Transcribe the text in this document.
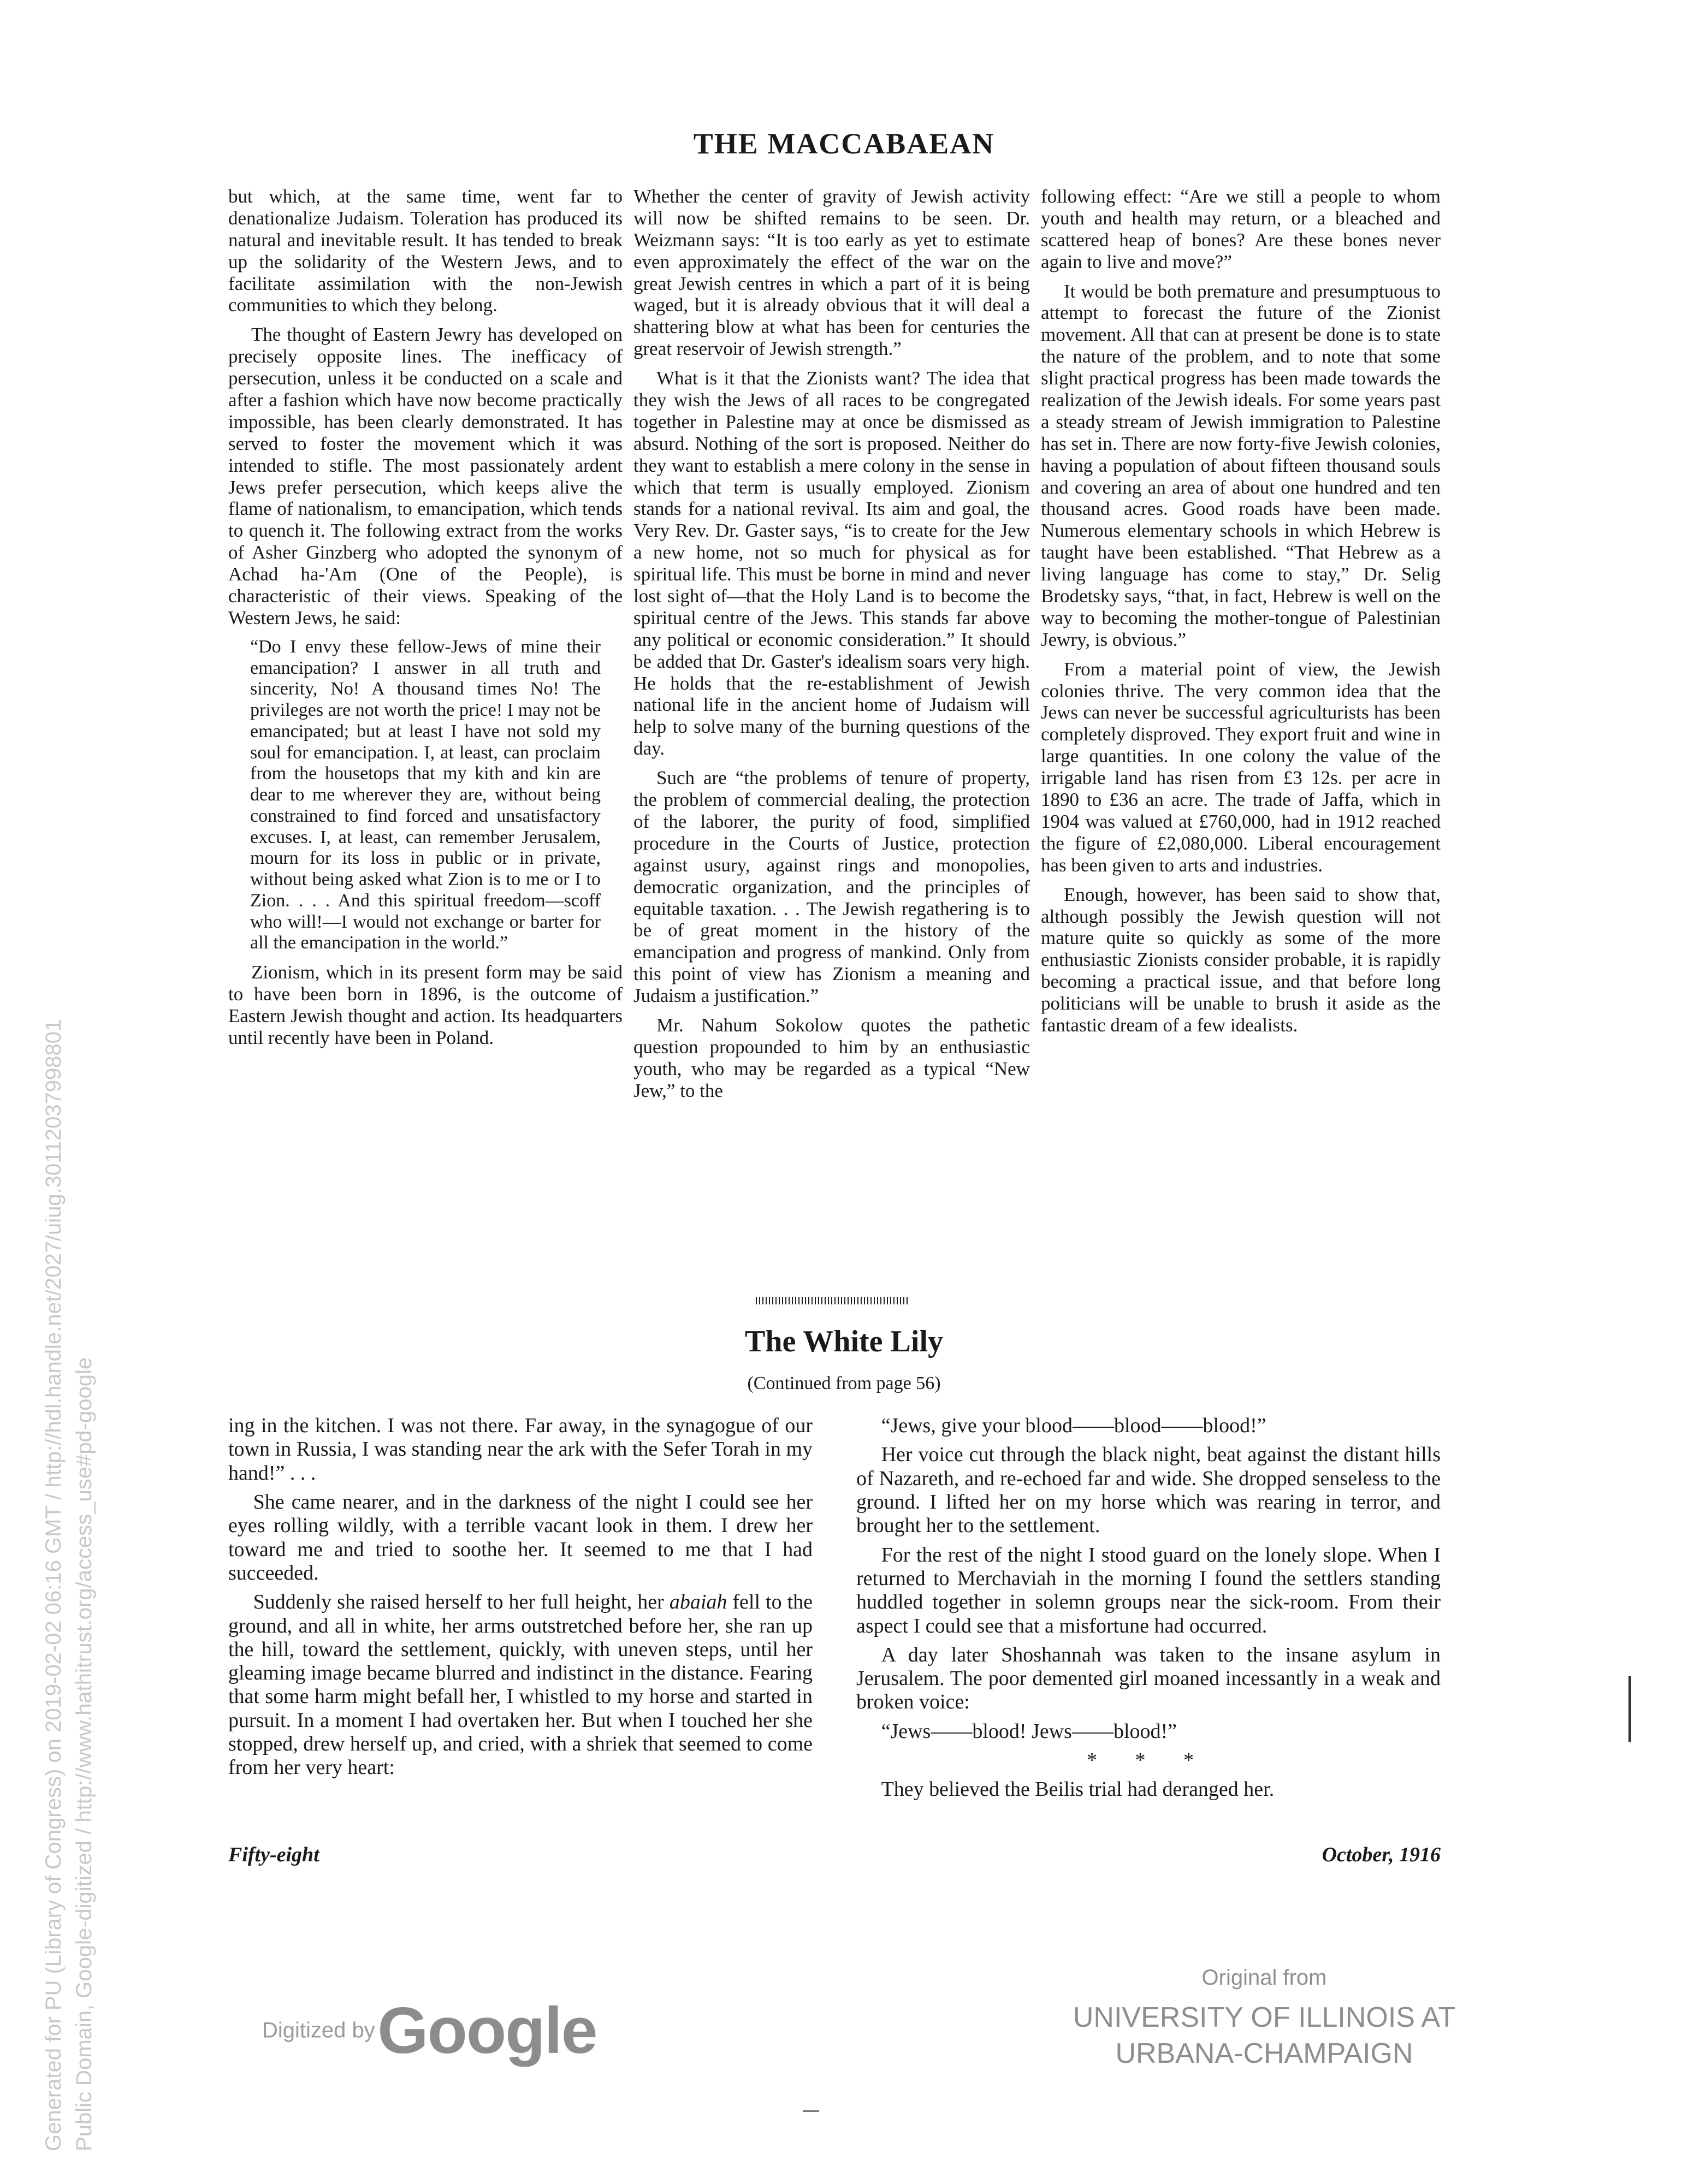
THE MACCABAEAN

but which, at the same time, went far to denationalize Judaism. Toleration has produced its natural and inevitable result. It has tended to break up the solidarity of the Western Jews, and to facilitate assimilation with the non-Jewish communities to which they belong.

The thought of Eastern Jewry has developed on precisely opposite lines. The inefficacy of persecution, unless it be conducted on a scale and after a fashion which have now become practically impossible, has been clearly demonstrated. It has served to foster the movement which it was intended to stifle. The most passionately ardent Jews prefer persecution, which keeps alive the flame of nationalism, to emancipation, which tends to quench it. The following extract from the works of Asher Ginzberg who adopted the synonym of Achad ha-'Am (One of the People), is characteristic of their views. Speaking of the Western Jews, he said:

“Do I envy these fellow-Jews of mine their emancipation? I answer in all truth and sincerity, No! A thousand times No! The privileges are not worth the price! I may not be emancipated; but at least I have not sold my soul for emancipation. I, at least, can proclaim from the housetops that my kith and kin are dear to me wherever they are, without being constrained to find forced and unsatisfactory excuses. I, at least, can remember Jerusalem, mourn for its loss in public or in private, without being asked what Zion is to me or I to Zion. . . . And this spiritual freedom—scoff who will!—I would not exchange or barter for all the emancipation in the world.”

Zionism, which in its present form may be said to have been born in 1896, is the outcome of Eastern Jewish thought and action. Its headquarters until recently have been in Poland.

Whether the center of gravity of Jewish activity will now be shifted remains to be seen. Dr. Weizmann says: “It is too early as yet to estimate even approximately the effect of the war on the great Jewish centres in which a part of it is being waged, but it is already obvious that it will deal a shattering blow at what has been for centuries the great reservoir of Jewish strength.”

What is it that the Zionists want? The idea that they wish the Jews of all races to be congregated together in Palestine may at once be dismissed as absurd. Nothing of the sort is proposed. Neither do they want to establish a mere colony in the sense in which that term is usually employed. Zionism stands for a national revival. Its aim and goal, the Very Rev. Dr. Gaster says, “is to create for the Jew a new home, not so much for physical as for spiritual life. This must be borne in mind and never lost sight of—that the Holy Land is to become the spiritual centre of the Jews. This stands far above any political or economic consideration.” It should be added that Dr. Gaster's idealism soars very high. He holds that the re-establishment of Jewish national life in the ancient home of Judaism will help to solve many of the burning questions of the day.

Such are “the problems of tenure of property, the problem of commercial dealing, the protection of the laborer, the purity of food, simplified procedure in the Courts of Justice, protection against usury, against rings and monopolies, democratic organization, and the principles of equitable taxation. . . The Jewish regathering is to be of great moment in the history of the emancipation and progress of mankind. Only from this point of view has Zionism a meaning and Judaism a justification.”

Mr. Nahum Sokolow quotes the pathetic question propounded to him by an enthusiastic youth, who may be regarded as a typical “New Jew,” to the

following effect: “Are we still a people to whom youth and health may return, or a bleached and scattered heap of bones? Are these bones never again to live and move?”

It would be both premature and presumptuous to attempt to forecast the future of the Zionist movement. All that can at present be done is to state the nature of the problem, and to note that some slight practical progress has been made towards the realization of the Jewish ideals. For some years past a steady stream of Jewish immigration to Palestine has set in. There are now forty-five Jewish colonies, having a population of about fifteen thousand souls and covering an area of about one hundred and ten thousand acres. Good roads have been made. Numerous elementary schools in which Hebrew is taught have been established. “That Hebrew as a living language has come to stay,” Dr. Selig Brodetsky says, “that, in fact, Hebrew is well on the way to becoming the mother-tongue of Palestinian Jewry, is obvious.”

From a material point of view, the Jewish colonies thrive. The very common idea that the Jews can never be successful agriculturists has been completely disproved. They export fruit and wine in large quantities. In one colony the value of the irrigable land has risen from £3 12s. per acre in 1890 to £36 an acre. The trade of Jaffa, which in 1904 was valued at £760,000, had in 1912 reached the figure of £2,080,000. Liberal encouragement has been given to arts and industries.

Enough, however, has been said to show that, although possibly the Jewish question will not mature quite so quickly as some of the more enthusiastic Zionists consider probable, it is rapidly becoming a practical issue, and that before long politicians will be unable to brush it aside as the fantastic dream of a few idealists.

The White Lily
(Continued from page 56)

ing in the kitchen. I was not there. Far away, in the synagogue of our town in Russia, I was standing near the ark with the Sefer Torah in my hand!” . . .

She came nearer, and in the darkness of the night I could see her eyes rolling wildly, with a terrible vacant look in them. I drew her toward me and tried to soothe her. It seemed to me that I had succeeded.

Suddenly she raised herself to her full height, her abaiah fell to the ground, and all in white, her arms outstretched before her, she ran up the hill, toward the settlement, quickly, with uneven steps, until her gleaming image became blurred and indistinct in the distance. Fearing that some harm might befall her, I whistled to my horse and started in pursuit. In a moment I had overtaken her. But when I touched her she stopped, drew herself up, and cried, with a shriek that seemed to come from her very heart:

“Jews, give your blood——blood——blood!”

Her voice cut through the black night, beat against the distant hills of Nazareth, and re-echoed far and wide. She dropped senseless to the ground. I lifted her on my horse which was rearing in terror, and brought her to the settlement.

For the rest of the night I stood guard on the lonely slope. When I returned to Merchaviah in the morning I found the settlers standing huddled together in solemn groups near the sick-room. From their aspect I could see that a misfortune had occurred.

A day later Shoshannah was taken to the insane asylum in Jerusalem. The poor demented girl moaned incessantly in a weak and broken voice:

“Jews——blood! Jews——blood!”

* * *

They believed the Beilis trial had deranged her.

Fifty-eight	October, 1916
Digitized by Google
Original from
UNIVERSITY OF ILLINOIS AT
URBANA-CHAMPAIGN
Generated for PU (Library of Congress) on 2019-02-02 06:16 GMT / http://hdl.handle.net/2027/uiug.30112037998801 Public Domain, Google-digitized / http://www.hathitrust.org/access_use#pd-google
